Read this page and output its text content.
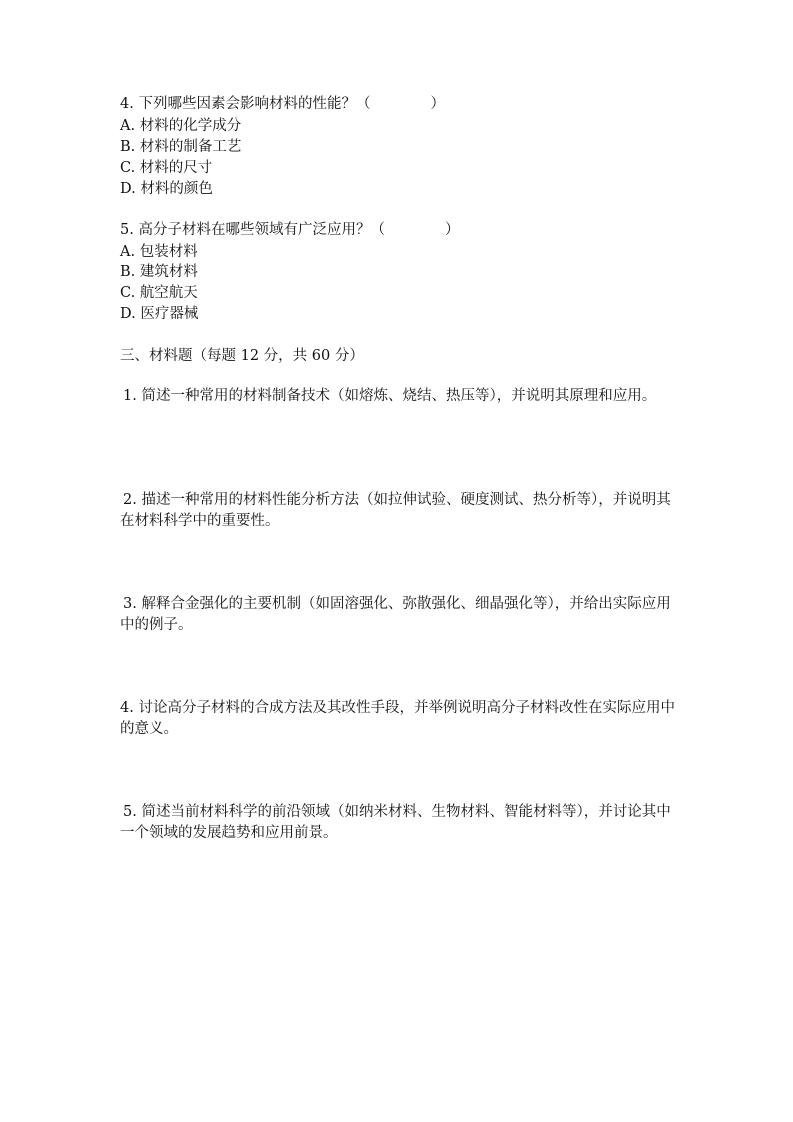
4. 下列哪些因素会影响材料的性能？（	）
A. 材料的化学成分
B. 材料的制备工艺
C. 材料的尺寸
D. 材料的颜色
5. 高分子材料在哪些领域有广泛应用？（	）
A. 包装材料
B. 建筑材料
C. 航空航天
D. 医疗器械
三、材料题（每题 12 分，共 60 分）
1. 简述一种常用的材料制备技术（如熔炼、烧结、热压等），并说明其原理和应用。
2. 描述一种常用的材料性能分析方法（如拉伸试验、硬度测试、热分析等），并说明其在材料科学中的重要性。
3. 解释合金强化的主要机制（如固溶强化、弥散强化、细晶强化等），并给出实际应用中的例子。
4. 讨论高分子材料的合成方法及其改性手段，并举例说明高分子材料改性在实际应用中的意义。
5. 简述当前材料科学的前沿领域（如纳米材料、生物材料、智能材料等），并讨论其中一个领域的发展趋势和应用前景。
